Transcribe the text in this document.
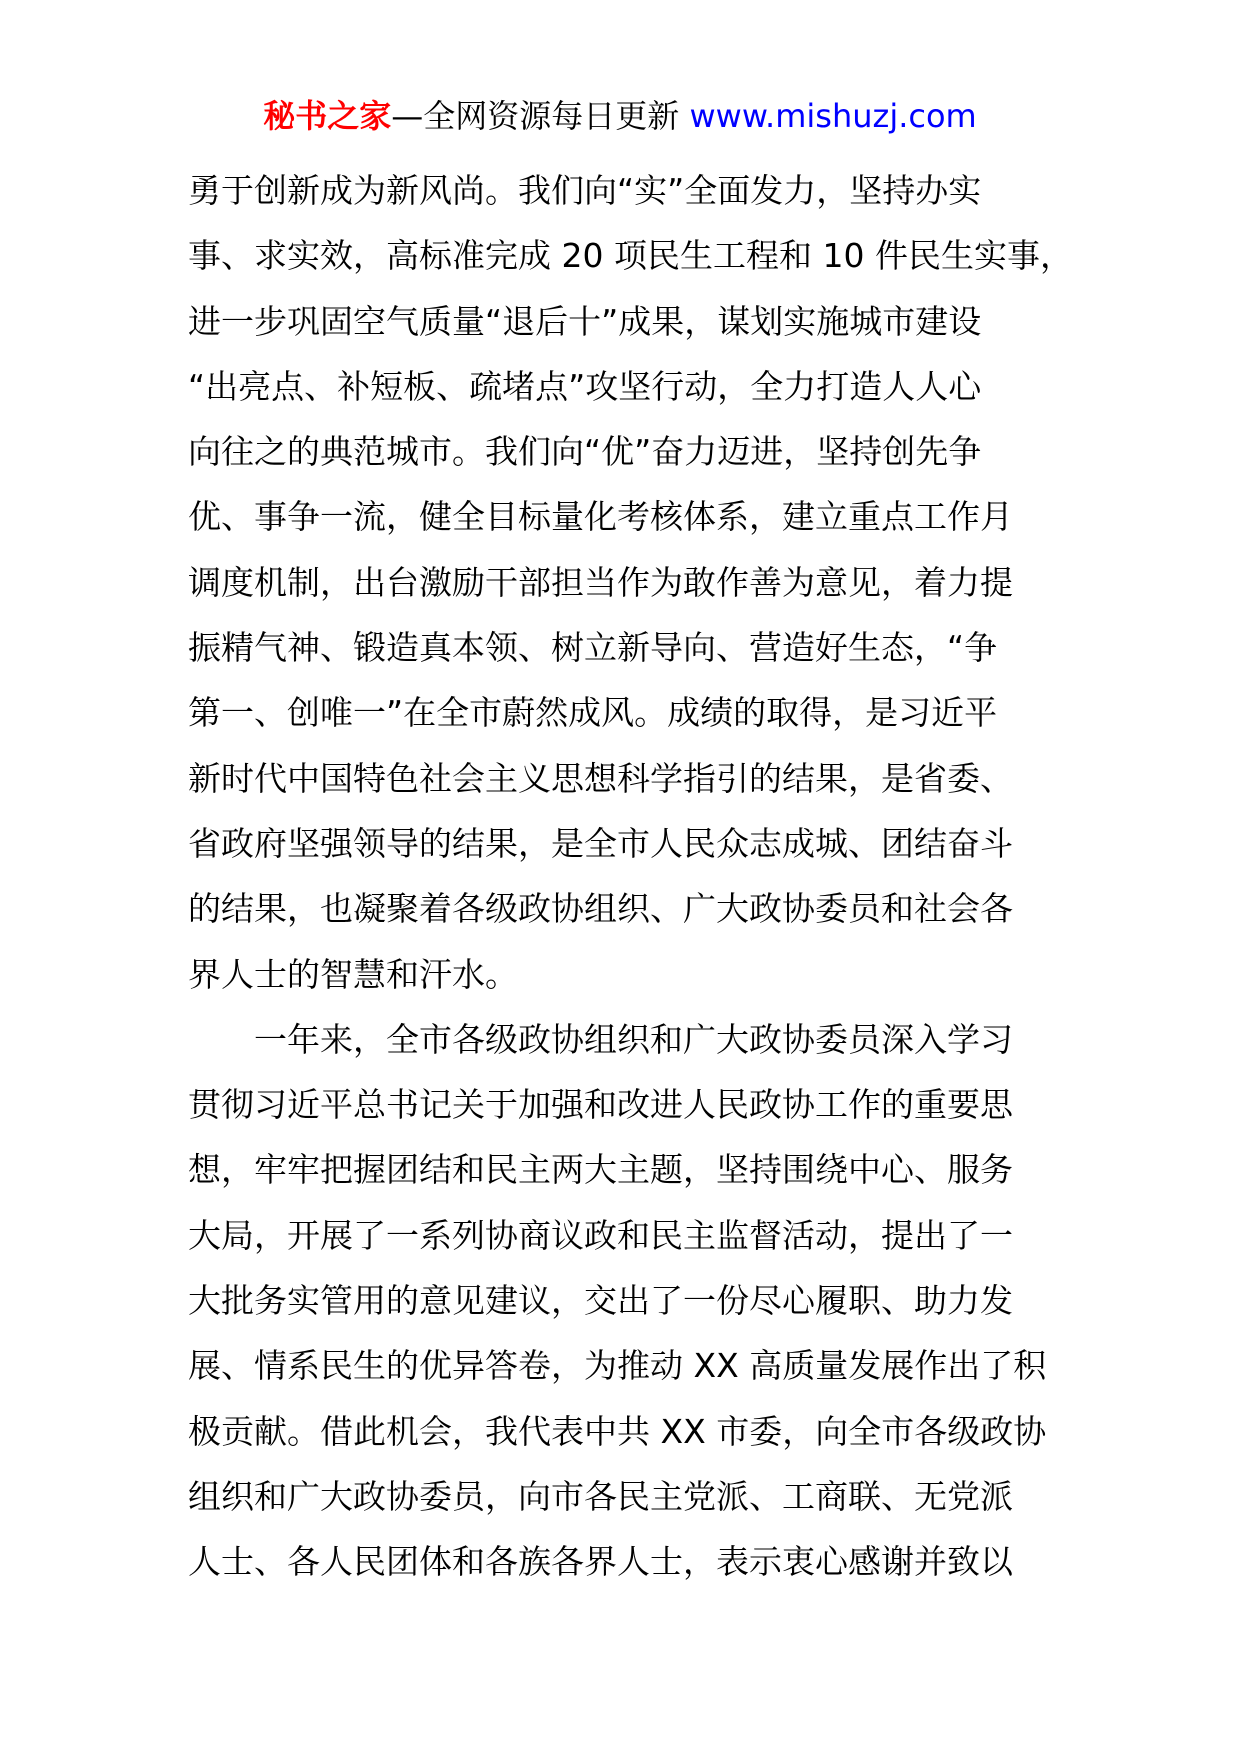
秘书之家—全网资源每日更新 www.mishuzj.com
勇于创新成为新风尚。我们向“实”全面发力，坚持办实
事、求实效，高标准完成 20 项民生工程和 10 件民生实事，
进一步巩固空气质量“退后十”成果，谋划实施城市建设
“出亮点、补短板、疏堵点”攻坚行动，全力打造人人心
向往之的典范城市。我们向“优”奋力迈进，坚持创先争
优、事争一流，健全目标量化考核体系，建立重点工作月
调度机制，出台激励干部担当作为敢作善为意见，着力提
振精气神、锻造真本领、树立新导向、营造好生态，“争
第一、创唯一”在全市蔚然成风。成绩的取得，是习近平
新时代中国特色社会主义思想科学指引的结果，是省委、
省政府坚强领导的结果，是全市人民众志成城、团结奋斗
的结果，也凝聚着各级政协组织、广大政协委员和社会各
界人士的智慧和汗水。
一年来，全市各级政协组织和广大政协委员深入学习
贯彻习近平总书记关于加强和改进人民政协工作的重要思
想，牢牢把握团结和民主两大主题，坚持围绕中心、服务
大局，开展了一系列协商议政和民主监督活动，提出了一
大批务实管用的意见建议，交出了一份尽心履职、助力发
展、情系民生的优异答卷，为推动 XX 高质量发展作出了积
极贡献。借此机会，我代表中共 XX 市委，向全市各级政协
组织和广大政协委员，向市各民主党派、工商联、无党派
人士、各人民团体和各族各界人士，表示衷心感谢并致以
